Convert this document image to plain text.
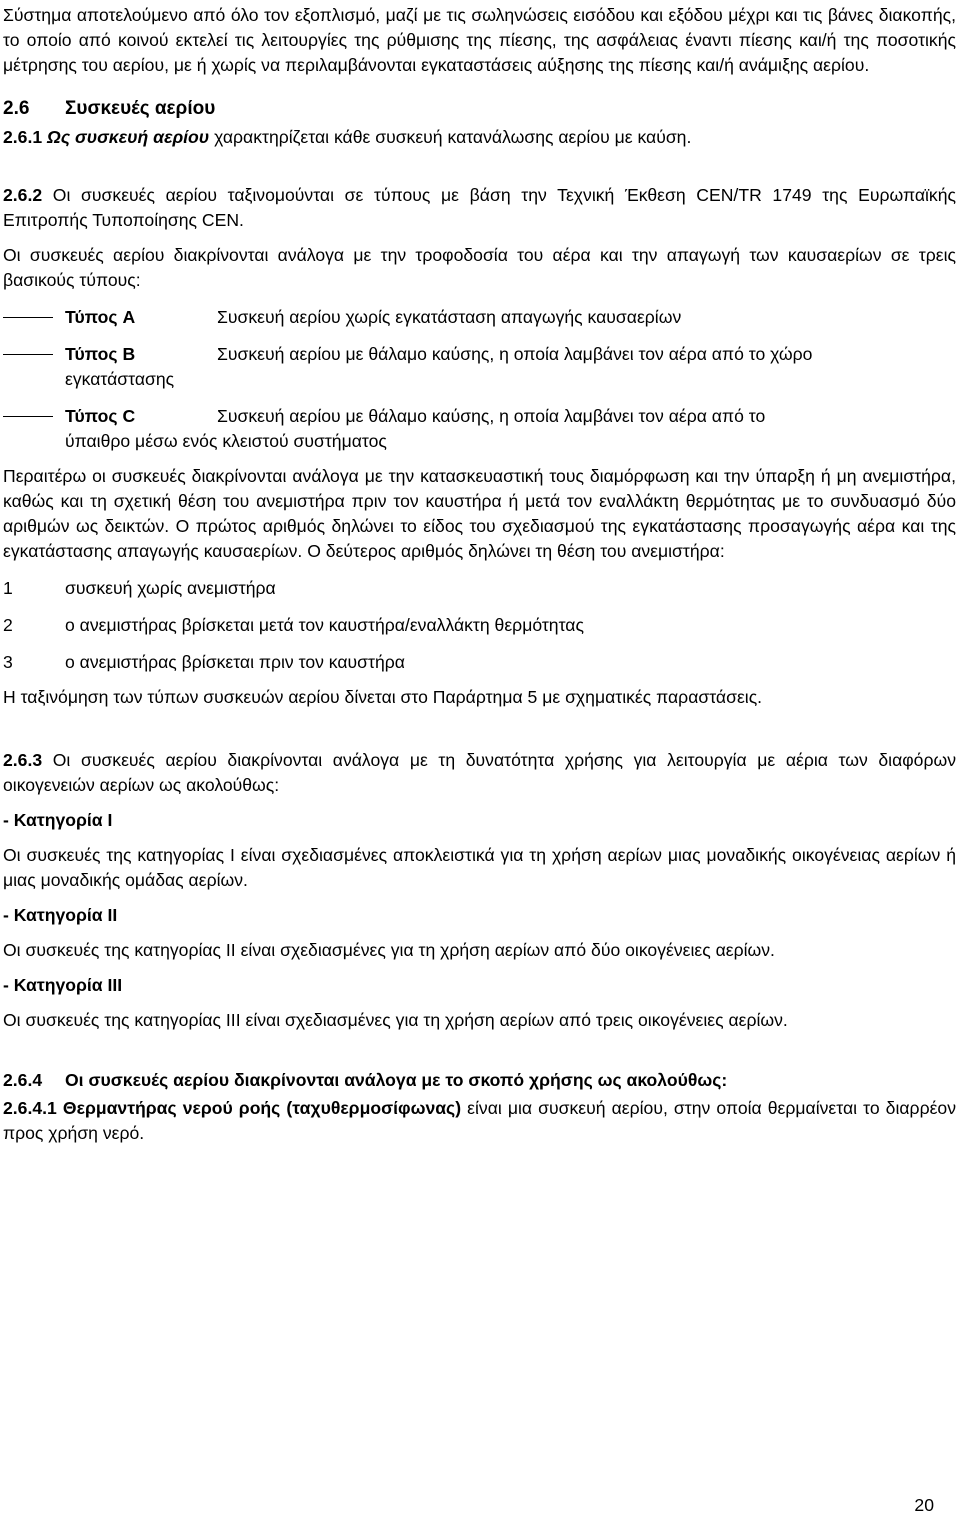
Σύστημα αποτελούμενο από όλο τον εξοπλισμό, μαζί με τις σωληνώσεις εισόδου και εξόδου μέχρι και τις βάνες διακοπής, το οποίο από κοινού εκτελεί τις λειτουργίες της ρύθμισης της πίεσης, της ασφάλειας έναντι πίεσης και/ή της ποσοτικής μέτρησης του αερίου, με ή χωρίς να περιλαμβάνονται εγκαταστάσεις αύξησης της πίεσης και/ή ανάμιξης αερίου.

2.6 Συσκευές αερίου

2.6.1 Ως συσκευή αερίου χαρακτηρίζεται κάθε συσκευή κατανάλωσης αερίου με καύση.

2.6.2 Οι συσκευές αερίου ταξινομούνται σε τύπους με βάση την Τεχνική Έκθεση CEN/TR 1749 της Ευρωπαϊκής Επιτροπής Τυποποίησης CEN.

Οι συσκευές αερίου διακρίνονται ανάλογα με την τροφοδοσία του αέρα και την απαγωγή των καυσαερίων σε τρεις βασικούς τύπους:

Τύπος A	Συσκευή αερίου χωρίς εγκατάσταση απαγωγής καυσαερίων
Τύπος B	Συσκευή αερίου με θάλαμο καύσης, η οποία λαμβάνει τον αέρα από το χώρο
εγκατάστασης
Τύπος C	Συσκευή αερίου με θάλαμο καύσης, η οποία λαμβάνει τον αέρα από το
ύπαιθρο μέσω ενός κλειστού συστήματος

Περαιτέρω οι συσκευές διακρίνονται ανάλογα με την κατασκευαστική τους διαμόρφωση και την ύπαρξη ή μη ανεμιστήρα, καθώς και τη σχετική θέση του ανεμιστήρα πριν τον καυστήρα ή μετά τον εναλλάκτη θερμότητας με το συνδυασμό δύο αριθμών ως δεικτών. Ο πρώτος αριθμός δηλώνει το είδος του σχεδιασμού της εγκατάστασης προσαγωγής αέρα και της εγκατάστασης απαγωγής καυσαερίων. Ο δεύτερος αριθμός δηλώνει τη θέση του ανεμιστήρα:

1	συσκευή χωρίς ανεμιστήρα
2	ο ανεμιστήρας βρίσκεται μετά τον καυστήρα/εναλλάκτη θερμότητας
3	ο ανεμιστήρας βρίσκεται πριν τον καυστήρα

Η ταξινόμηση των τύπων συσκευών αερίου δίνεται στο Παράρτημα 5 με σχηματικές παραστάσεις.

2.6.3 Οι συσκευές αερίου διακρίνονται ανάλογα με τη δυνατότητα χρήσης για λειτουργία με αέρια των διαφόρων οικογενειών αερίων ως ακολούθως:

- Κατηγορία I

Οι συσκευές της κατηγορίας I είναι σχεδιασμένες αποκλειστικά για τη χρήση αερίων μιας μοναδικής οικογένειας αερίων ή μιας μοναδικής ομάδας αερίων.

- Κατηγορία II

Οι συσκευές της κατηγορίας II είναι σχεδιασμένες για τη χρήση αερίων από δύο οικογένειες αερίων.

- Κατηγορία III

Οι συσκευές της κατηγορίας III είναι σχεδιασμένες για τη χρήση αερίων από τρεις οικογένειες αερίων.

2.6.4 Οι συσκευές αερίου διακρίνονται ανάλογα με το σκοπό χρήσης ως ακολούθως:

2.6.4.1 Θερμαντήρας νερού ροής (ταχυθερμοσίφωνας) είναι μια συσκευή αερίου, στην οποία θερμαίνεται το διαρρέον προς χρήση νερό.

20
